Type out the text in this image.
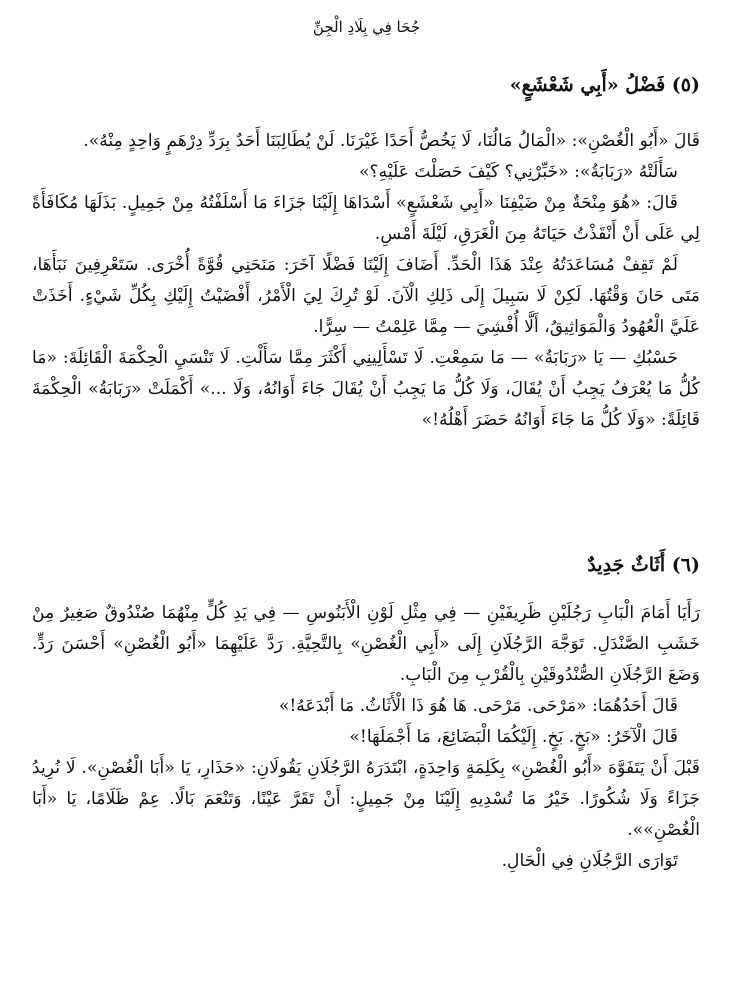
جُحَا فِي بِلَادِ الْجِنِّ
(٥) فَضْلُ «أَبِي شَعْشَعٍ»

قَالَ «أَبُو الْغُصْنِ»: «الْمَالُ مَالُنَا، لَا يَخُصُّ أَحَدًا غَيْرَنَا. لَنْ يُطَالِبَنَا أَحَدٌ بِرَدِّ دِرْهَمٍ وَاحِدٍ مِنْهُ».

سَأَلَتْهُ «رَبَابَةُ»: «خَبِّرْنِي؟ كَيْفَ حَصَلْتَ عَلَيْهِ؟»

قَالَ: «هُوَ مِنْحَةٌ مِنْ ضَيْفِنَا «أَبِي شَعْشَعٍ» أَسْدَاهَا إِلَيْنَا جَزَاءَ مَا أَسْلَفْتُهُ مِنْ جَمِيلٍ. بَذَلَهَا مُكَافَأَةً لِي عَلَى أَنْ أَنْقَذْتُ حَيَاتَهُ مِنَ الْغَرَقِ، لَيْلَةَ أَمْسِ.

لَمْ تَقِفْ مُسَاعَدَتُهُ عِنْدَ هَذَا الْحَدِّ. أَضَافَ إِلَيْنَا فَضْلًا آخَرَ: مَنَحَنِي قُوَّةً أُخْرَى. سَتَعْرِفِينَ نَبَأَهَا، مَتَى حَانَ وَقْتُهَا. لَكِنْ لَا سَبِيلَ إِلَى ذَلِكِ الْآنَ. لَوْ تُرِكَ لِيَ الْأَمْرُ، أَفْضَيْتُ إِلَيْكِ بِكُلِّ شَيْءٍ. أَخَذَتْ عَلَيَّ الْعُهُودُ وَالْمَوَاثِيقُ، أَلَّا أُفْشِيَ — مِمَّا عَلِمْتُ — سِرًّا.

حَسْبُكِ — يَا «رَبَابَةُ» — مَا سَمِعْتِ. لَا تَسْأَلِينِي أَكْثَرَ مِمَّا سَأَلْتِ. لَا تَنْسَيِ الْحِكْمَةَ الْقَائِلَةَ: «مَا كُلُّ مَا يُعْرَفُ يَجِبُ أَنْ يُقَالَ، وَلَا كُلُّ مَا يَجِبُ أَنْ يُقَالَ جَاءَ أَوَانُهُ، وَلَا ...» أَكْمَلَتْ «رَبَابَةُ» الْحِكْمَةَ قَائِلَةً: «وَلَا كُلُّ مَا جَاءَ أَوَانُهُ حَضَرَ أَهْلُهُ!»

(٦) أَثَاثٌ جَدِيدٌ

رَأَيَا أَمَامَ الْبَابِ رَجُلَيْنِ ظَرِيفَيْنِ — فِي مِثْلِ لَوْنِ الْأَبَنُوسِ — فِي يَدِ كُلٍّ مِنْهُمَا صُنْدُوقٌ صَغِيرٌ مِنْ خَشَبِ الصَّنْدَلِ. تَوَجَّهَ الرَّجُلَانِ إِلَى «أَبِي الْغُصْنِ» بِالتَّحِيَّةِ. رَدَّ عَلَيْهِمَا «أَبُو الْغُصْنِ» أَحْسَنَ رَدٍّ. وَضَعَ الرَّجُلَانِ الصُّنْدُوقَيْنِ بِالْقُرْبِ مِنَ الْبَابِ.

قَالَ أَحَدُهُمَا: «مَرْحَى. مَرْحَى. هَا هُوَ ذَا الْأَثَاثُ. مَا أَبْدَعَهُ!»

قَالَ الْآخَرُ: «بَخٍ. بَخٍ. إِلَيْكُمَا الْبَضَائِعَ، مَا أَجْمَلَهَا!»

قَبْلَ أَنْ يَتَفَوَّهَ «أَبُو الْغُصْنِ» بِكَلِمَةٍ وَاحِدَةٍ، ابْتَدَرَهُ الرَّجُلَانِ يَقُولَانِ: «حَذَارِ، يَا «أَبَا الْغُصْنِ». لَا نُرِيدُ جَزَاءً وَلَا شُكُورًا. خَيْرُ مَا تُسْدِيهِ إِلَيْنَا مِنْ جَمِيلٍ: أَنْ تَقَرَّ عَيْنًا، وَتَنْعَمَ بَالًا. عِمْ ظَلَامًا، يَا «أَبَا الْغُصْنِ»».

تَوَارَى الرَّجُلَانِ فِي الْحَالِ.
